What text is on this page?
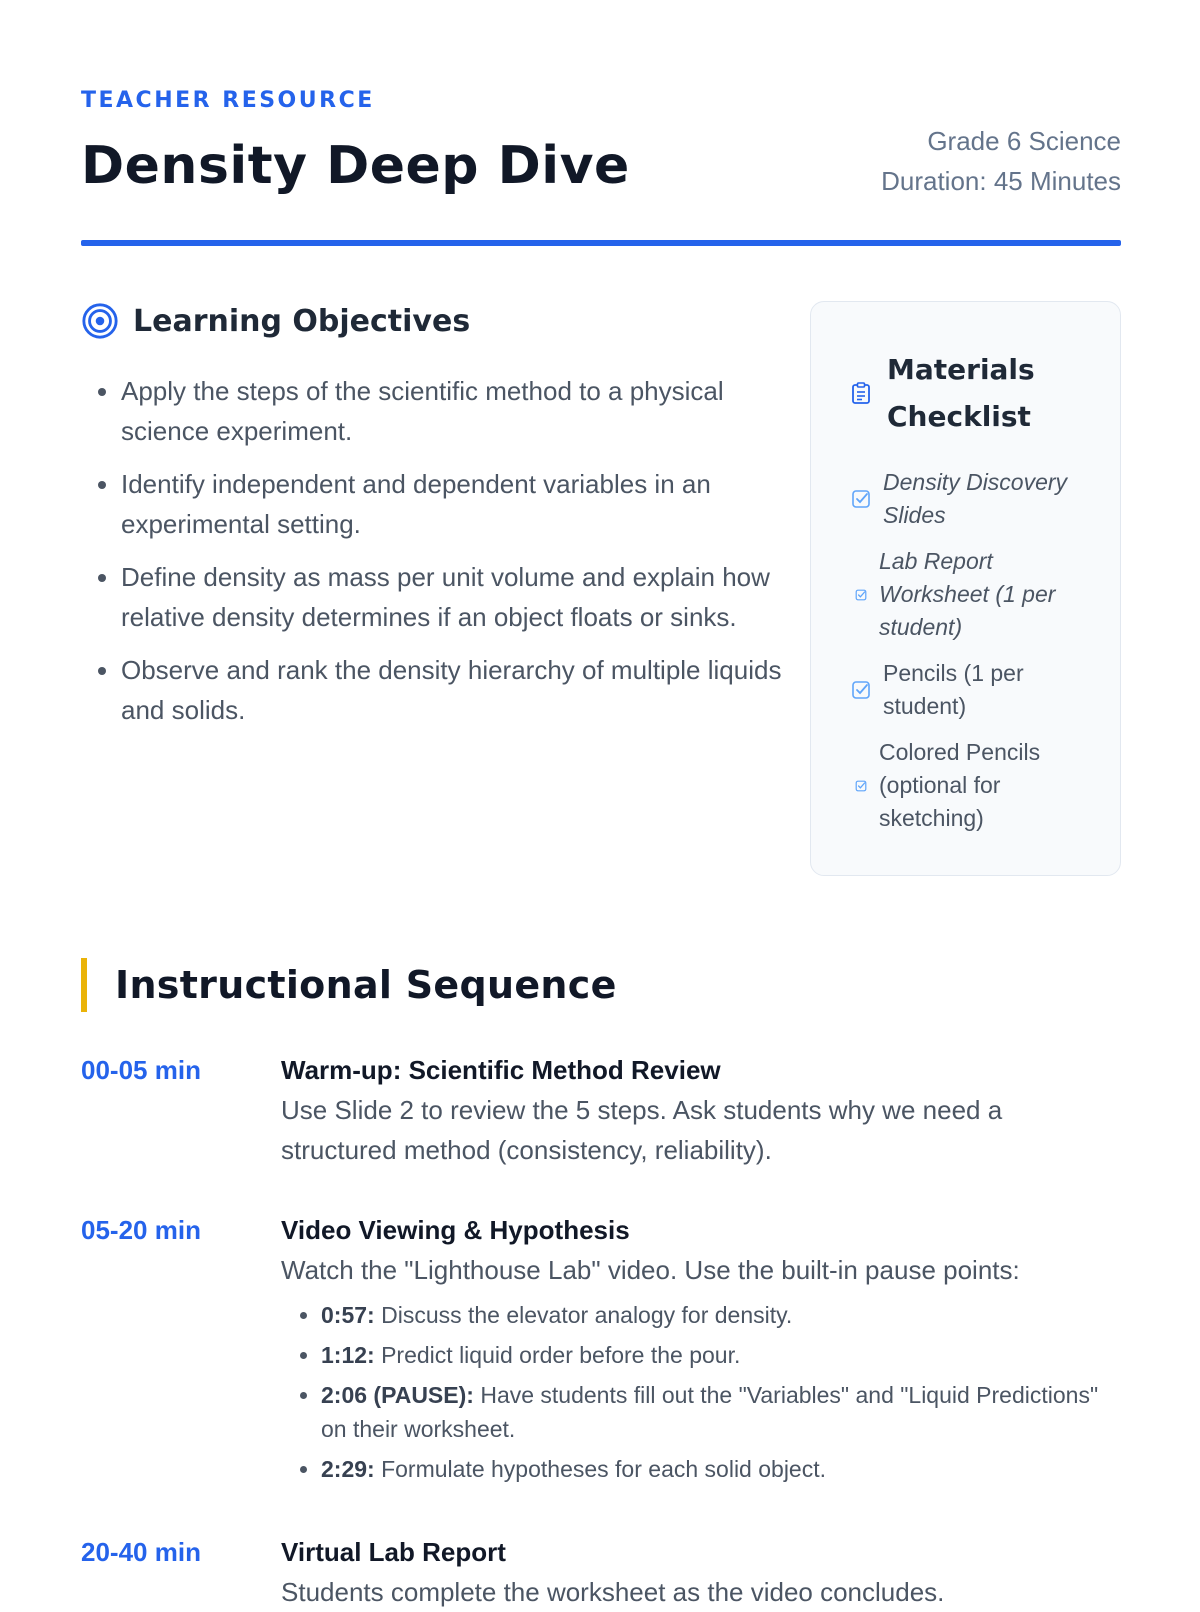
TEACHER RESOURCE
Density Deep Dive	Grade 6 Science
Duration: 45 Minutes
Learning Objectives
• Apply the steps of the scientific method to a physical science experiment.
• Identify independent and dependent variables in an experimental setting.
• Define density as mass per unit volume and explain how relative density determines if an object floats or sinks.
• Observe and rank the density hierarchy of multiple liquids and solids.
Materials Checklist
Density Discovery Slides
Lab Report Worksheet (1 per student)
Pencils (1 per student)
Colored Pencils (optional for sketching)
Instructional Sequence
00-05 min	Warm-up: Scientific Method Review
Use Slide 2 to review the 5 steps. Ask students why we need a structured method (consistency, reliability).
05-20 min	Video Viewing & Hypothesis
Watch the "Lighthouse Lab" video. Use the built-in pause points:
• 0:57: Discuss the elevator analogy for density.
• 1:12: Predict liquid order before the pour.
• 2:06 (PAUSE): Have students fill out the "Variables" and "Liquid Predictions" on their worksheet.
• 2:29: Formulate hypotheses for each solid object.
20-40 min	Virtual Lab Report
Students complete the worksheet as the video concludes.
